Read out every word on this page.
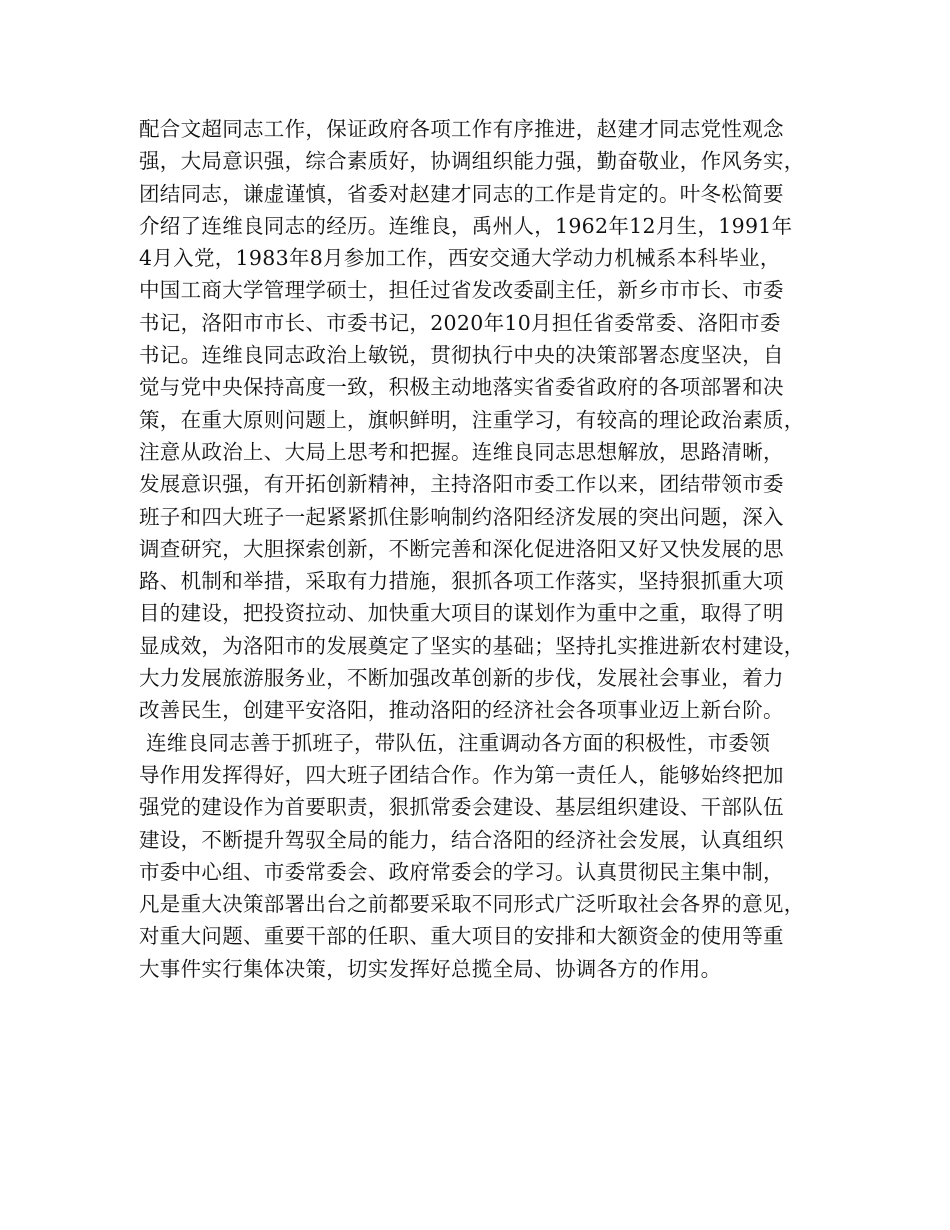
配合文超同志工作，保证政府各项工作有序推进，赵建才同志党性观念
强，大局意识强，综合素质好，协调组织能力强，勤奋敬业，作风务实，
团结同志，谦虚谨慎，省委对赵建才同志的工作是肯定的。叶冬松简要
介绍了连维良同志的经历。连维良，禹州人，1962年12月生，1991年
4月入党，1983年8月参加工作，西安交通大学动力机械系本科毕业，
中国工商大学管理学硕士，担任过省发改委副主任，新乡市市长、市委
书记，洛阳市市长、市委书记，2020年10月担任省委常委、洛阳市委
书记。连维良同志政治上敏锐，贯彻执行中央的决策部署态度坚决，自
觉与党中央保持高度一致，积极主动地落实省委省政府的各项部署和决
策，在重大原则问题上，旗帜鲜明，注重学习，有较高的理论政治素质，
注意从政治上、大局上思考和把握。连维良同志思想解放，思路清晰，
发展意识强，有开拓创新精神，主持洛阳市委工作以来，团结带领市委
班子和四大班子一起紧紧抓住影响制约洛阳经济发展的突出问题，深入
调查研究，大胆探索创新，不断完善和深化促进洛阳又好又快发展的思
路、机制和举措，采取有力措施，狠抓各项工作落实，坚持狠抓重大项
目的建设，把投资拉动、加快重大项目的谋划作为重中之重，取得了明
显成效，为洛阳市的发展奠定了坚实的基础；坚持扎实推进新农村建设，
大力发展旅游服务业，不断加强改革创新的步伐，发展社会事业，着力
改善民生，创建平安洛阳，推动洛阳的经济社会各项事业迈上新台阶。
连维良同志善于抓班子，带队伍，注重调动各方面的积极性，市委领
导作用发挥得好，四大班子团结合作。作为第一责任人，能够始终把加
强党的建设作为首要职责，狠抓常委会建设、基层组织建设、干部队伍
建设，不断提升驾驭全局的能力，结合洛阳的经济社会发展，认真组织
市委中心组、市委常委会、政府常委会的学习。认真贯彻民主集中制，
凡是重大决策部署出台之前都要采取不同形式广泛听取社会各界的意见，
对重大问题、重要干部的任职、重大项目的安排和大额资金的使用等重
大事件实行集体决策，切实发挥好总揽全局、协调各方的作用。
